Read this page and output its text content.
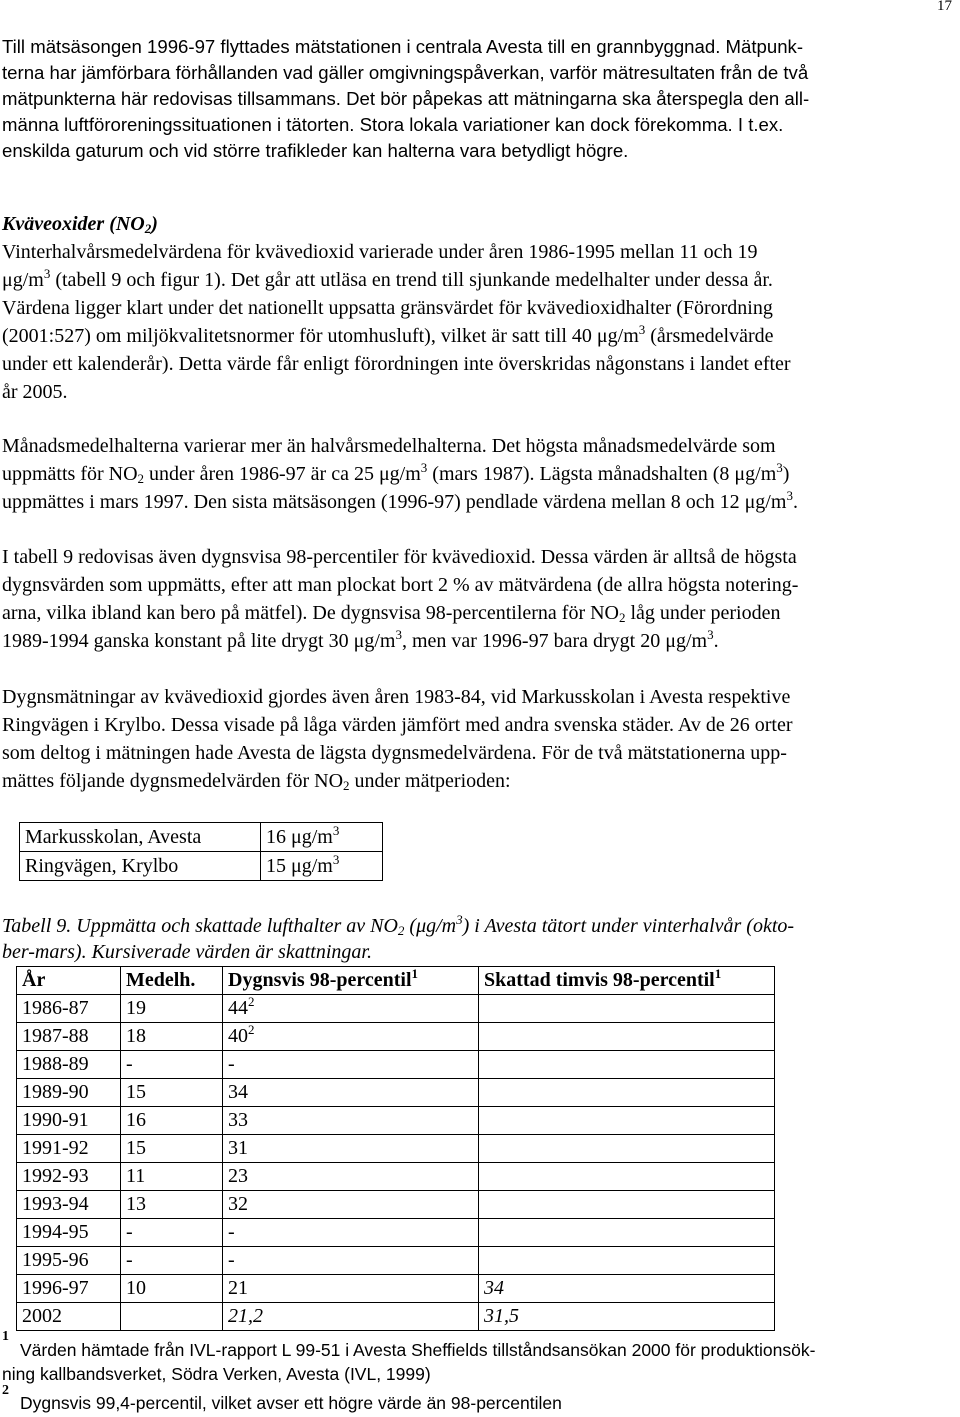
17
Till mätsäsongen 1996-97 flyttades mätstationen i centrala Avesta till en grannbyggnad. Mätpunk-
terna har jämförbara förhållanden vad gäller omgivningspåverkan, varför mätresultaten från de två
mätpunkterna här redovisas tillsammans. Det bör påpekas att mätningarna ska återspegla den all-
männa luftföroreningssituationen i tätorten. Stora lokala variationer kan dock förekomma. I t.ex.
enskilda gaturum och vid större trafikleder kan halterna vara betydligt högre.
Kväveoxider $(NO_2)$
Vinterhalvårsmedelvärdena för kvävedioxid varierade under åren 1986-1995 mellan 11 och 19
$\mu g/m^3$ (tabell 9 och figur 1). Det går att utläsa en trend till sjunkande medelhalter under dessa år.
Värdena ligger klart under det nationellt uppsatta gränsvärdet för kvävedioxidhalter (Förordning
(2001:527) om miljökvalitetsnormer för utomhusluft), vilket är satt till 40 $\mu g/m^3$ (årsmedelvärde
under ett kalenderår). Detta värde får enligt förordningen inte överskridas någonstans i landet efter
år 2005.
Månadsmedelhalterna varierar mer än halvårsmedelhalterna. Det högsta månadsmedelvärde som
uppmätts för $NO_2$ under åren 1986-97 är ca 25 $\mu g/m^3$ (mars 1987). Lägsta månadshalten (8 $\mu g/m^3$)
uppmättes i mars 1997. Den sista mätsäsongen (1996-97) pendlade värdena mellan 8 och 12 $\mu g/m^3$.
I tabell 9 redovisas även dygnsvisa 98-percentiler för kvävedioxid. Dessa värden är alltså de högsta
dygnsvärden som uppmätts, efter att man plockat bort 2 % av mätvärdena (de allra högsta notering-
arna, vilka ibland kan bero på mätfel). De dygnsvisa 98-percentilerna för $NO_2$ låg under perioden
1989-1994 ganska konstant på lite drygt 30 $\mu g/m^3$, men var 1996-97 bara drygt 20 $\mu g/m^3$.
Dygnsmätningar av kvävedioxid gjordes även åren 1983-84, vid Markusskolan i Avesta respektive
Ringvägen i Krylbo. Dessa visade på låga värden jämfört med andra svenska städer. Av de 26 orter
som deltog i mätningen hade Avesta de lägsta dygnsmedelvärdena. För de två mätstationerna upp-
mättes följande dygnsmedelvärden för $NO_2$ under mätperioden:
Markusskolan, Avesta	16 $\mu g/m^3$
Ringvägen, Krylbo	15 $\mu g/m^3$
Tabell 9. Uppmätta och skattade lufthalter av $NO_2$ $(\mu g/m^3)$ i Avesta tätort under vinterhalvår (okto-
ber-mars). Kursiverade värden är skattningar.
År	Medelh.	Dygnsvis 98-percentil$^1$	Skattad timvis 98-percentil$^1$
1986-87	19	$44^2$	
1987-88	18	$40^2$	
1988-89	-	-	
1989-90	15	34	
1990-91	16	33	
1991-92	15	31	
1992-93	11	23	
1993-94	13	32	
1994-95	-	-	
1995-96	-	-	
1996-97	10	21	34
2002		21,2	31,5
1
Värden hämtade från IVL-rapport L 99-51 i Avesta Sheffields tillståndsansökan 2000 för produktionsök-
ning kallbandsverket, Södra Verken, Avesta (IVL, 1999)
2
Dygnsvis 99,4-percentil, vilket avser ett högre värde än 98-percentilen
